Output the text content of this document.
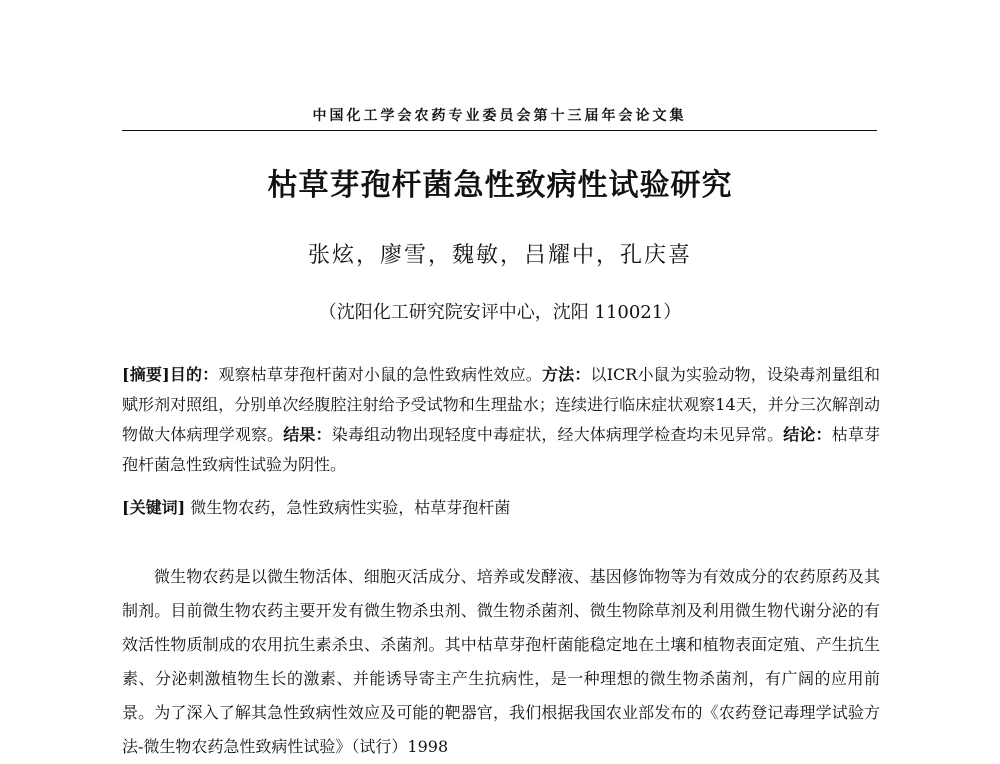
中国化工学会农药专业委员会第十三届年会论文集
枯草芽孢杆菌急性致病性试验研究
张炫，廖雪，魏敏，吕耀中，孔庆喜
（沈阳化工研究院安评中心，沈阳 110021）
[摘要]目的：观察枯草芽孢杆菌对小鼠的急性致病性效应。方法：以ICR小鼠为实验动物，设染毒剂量组和赋形剂对照组，分别单次经腹腔注射给予受试物和生理盐水；连续进行临床症状观察14天，并分三次解剖动物做大体病理学观察。结果：染毒组动物出现轻度中毒症状，经大体病理学检查均未见异常。结论：枯草芽孢杆菌急性致病性试验为阴性。
[关键词] 微生物农药，急性致病性实验，枯草芽孢杆菌
微生物农药是以微生物活体、细胞灭活成分、培养或发酵液、基因修饰物等为有效成分的农药原药及其制剂。目前微生物农药主要开发有微生物杀虫剂、微生物杀菌剂、微生物除草剂及利用微生物代谢分泌的有效活性物质制成的农用抗生素杀虫、杀菌剂。其中枯草芽孢杆菌能稳定地在土壤和植物表面定殖、产生抗生素、分泌刺激植物生长的激素、并能诱导寄主产生抗病性，是一种理想的微生物杀菌剂，有广阔的应用前景。为了深入了解其急性致病性效应及可能的靶器官，我们根据我国农业部发布的《农药登记毒理学试验方法-微生物农药急性致病性试验》（试行）1998
